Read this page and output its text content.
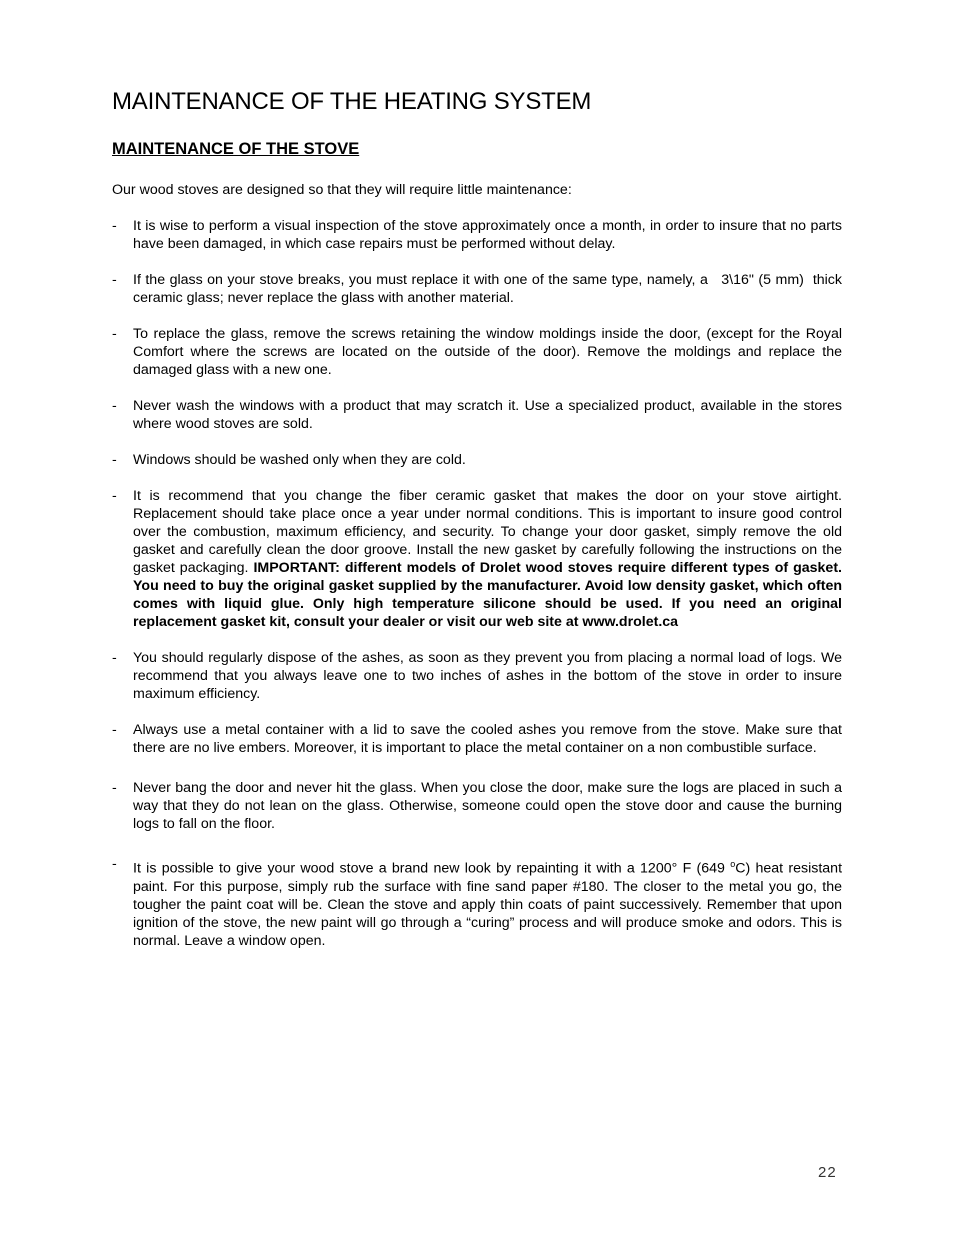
MAINTENANCE OF THE HEATING SYSTEM
MAINTENANCE OF THE STOVE

Our wood stoves are designed so that they will require little maintenance:

- It is wise to perform a visual inspection of the stove approximately once a month, in order to insure that no parts have been damaged, in which case repairs must be performed without delay.
- If the glass on your stove breaks, you must replace it with one of the same type, namely, a   3\16" (5 mm)  thick ceramic glass; never replace the glass with another material.
- To replace the glass, remove the screws retaining the window moldings inside the door, (except for the Royal Comfort where the screws are located on the outside of the door). Remove the moldings and replace the damaged glass with a new one.
- Never wash the windows with a product that may scratch it. Use a specialized product, available in the stores where wood stoves are sold.
- Windows should be washed only when they are cold.
- It is recommend that you change the fiber ceramic gasket that makes the door on your stove airtight. Replacement should take place once a year under normal conditions. This is important to insure good control over the combustion, maximum efficiency, and security. To change your door gasket, simply remove the old gasket and carefully clean the door groove. Install the new gasket by carefully following the instructions on the gasket packaging. IMPORTANT: different models of Drolet wood stoves require different types of gasket. You need to buy the original gasket supplied by the manufacturer. Avoid low density gasket, which often comes with liquid glue. Only high temperature silicone should be used. If you need an original replacement gasket kit, consult your dealer or visit our web site at www.drolet.ca
- You should regularly dispose of the ashes, as soon as they prevent you from placing a normal load of logs. We recommend that you always leave one to two inches of ashes in the bottom of the stove in order to insure maximum efficiency.
- Always use a metal container with a lid to save the cooled ashes you remove from the stove. Make sure that there are no live embers. Moreover, it is important to place the metal container on a non combustible surface.
- Never bang the door and never hit the glass. When you close the door, make sure the logs are placed in such a way that they do not lean on the glass. Otherwise, someone could open the stove door and cause the burning logs to fall on the floor.
- It is possible to give your wood stove a brand new look by repainting it with a 1200° F (649 $^o$C) heat resistant paint. For this purpose, simply rub the surface with fine sand paper #180. The closer to the metal you go, the tougher the paint coat will be. Clean the stove and apply thin coats of paint successively. Remember that upon ignition of the stove, the new paint will go through a “curing” process and will produce smoke and odors. This is normal. Leave a window open.
22
